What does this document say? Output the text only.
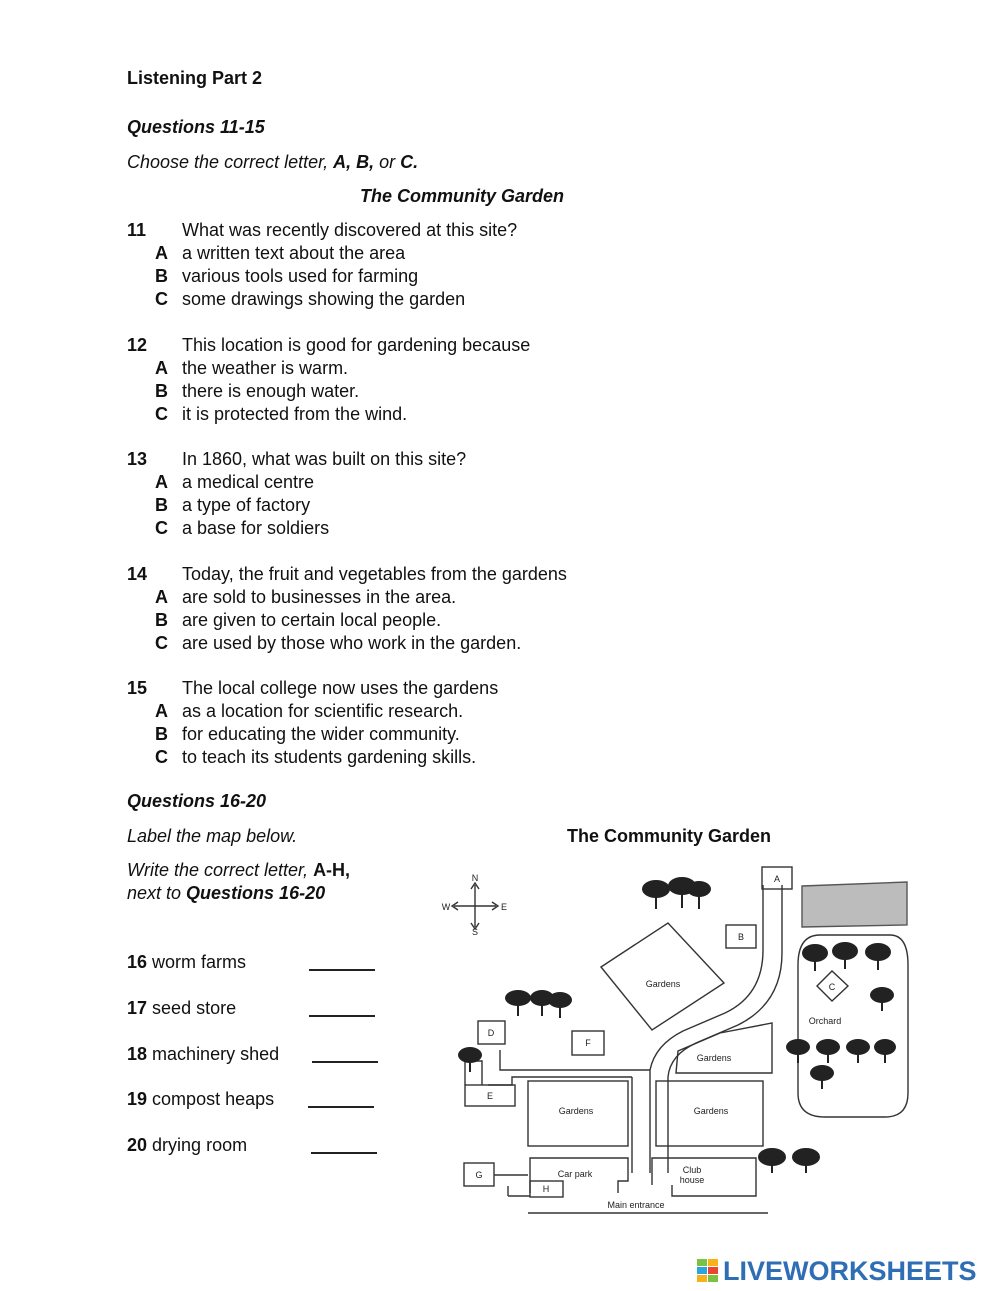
Listening Part 2
Questions 11-15
Choose the correct letter, A, B, or C.
The Community Garden
11	What was recently discovered at this site?
A a written text about the area
B various tools used for farming
C some drawings showing the garden
12	This location is good for gardening because
A the weather is warm.
B there is enough water.
C it is protected from the wind.
13	In 1860, what was built on this site?
A a medical centre
B a type of factory
C a base for soldiers
14	Today, the fruit and vegetables from the gardens
A are sold to businesses in the area.
B are given to certain local people.
C are used by those who work in the garden.
15	The local college now uses the gardens
A as a location for scientific research.
B for educating the wider community.
C to teach its students gardening skills.
Questions 16-20
Label the map below.	The Community Garden
Write the correct letter, A-H,
next to Questions 16-20
16 worm farms
17 seed store
18 machinery shed
19 compost heaps
20 drying room
N
S
E
W
A
B
C
D
E
F
G
H
Gardens
Gardens
Gardens	Gardens
Orchard
Car park	Club
house
Main entrance
LIVEWORKSHEETS
